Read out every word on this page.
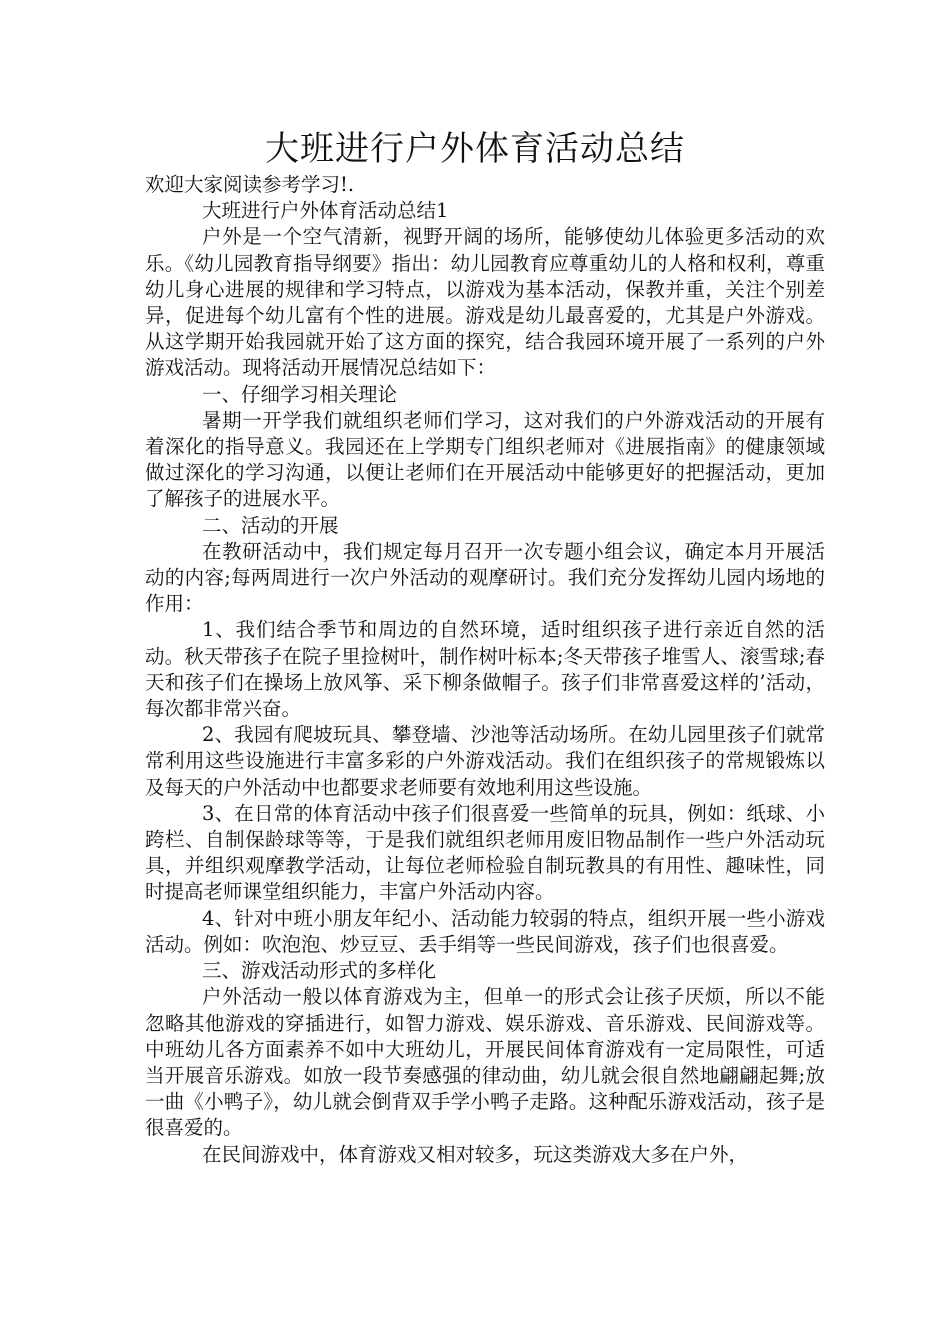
大班进行户外体育活动总结

欢迎大家阅读参考学习!.

大班进行户外体育活动总结1

户外是一个空气清新，视野开阔的场所，能够使幼儿体验更多活动的欢乐。《幼儿园教育指导纲要》指出：幼儿园教育应尊重幼儿的人格和权利，尊重幼儿身心进展的规律和学习特点，以游戏为基本活动，保教并重，关注个别差异，促进每个幼儿富有个性的进展。游戏是幼儿最喜爱的，尤其是户外游戏。从这学期开始我园就开始了这方面的探究，结合我园环境开展了一系列的户外游戏活动。现将活动开展情况总结如下：

一、仔细学习相关理论

暑期一开学我们就组织老师们学习，这对我们的户外游戏活动的开展有着深化的指导意义。我园还在上学期专门组织老师对《进展指南》的健康领域做过深化的学习沟通，以便让老师们在开展活动中能够更好的把握活动，更加了解孩子的进展水平。

二、活动的开展

在教研活动中，我们规定每月召开一次专题小组会议，确定本月开展活动的内容;每两周进行一次户外活动的观摩研讨。我们充分发挥幼儿园内场地的作用：

1、我们结合季节和周边的自然环境，适时组织孩子进行亲近自然的活动。秋天带孩子在院子里捡树叶，制作树叶标本;冬天带孩子堆雪人、滚雪球;春天和孩子们在操场上放风筝、采下柳条做帽子。孩子们非常喜爱这样的’活动，每次都非常兴奋。

2、我园有爬坡玩具、攀登墙、沙池等活动场所。在幼儿园里孩子们就常常利用这些设施进行丰富多彩的户外游戏活动。我们在组织孩子的常规锻炼以及每天的户外活动中也都要求老师要有效地利用这些设施。

3、在日常的体育活动中孩子们很喜爱一些简单的玩具，例如：纸球、小跨栏、自制保龄球等等，于是我们就组织老师用废旧物品制作一些户外活动玩具，并组织观摩教学活动，让每位老师检验自制玩教具的有用性、趣味性，同时提高老师课堂组织能力，丰富户外活动内容。

4、针对中班小朋友年纪小、活动能力较弱的特点，组织开展一些小游戏活动。例如：吹泡泡、炒豆豆、丢手绢等一些民间游戏，孩子们也很喜爱。

三、游戏活动形式的多样化

户外活动一般以体育游戏为主，但单一的形式会让孩子厌烦，所以不能忽略其他游戏的穿插进行，如智力游戏、娱乐游戏、音乐游戏、民间游戏等。中班幼儿各方面素养不如中大班幼儿，开展民间体育游戏有一定局限性，可适当开展音乐游戏。如放一段节奏感强的律动曲，幼儿就会很自然地翩翩起舞;放一曲《小鸭子》，幼儿就会倒背双手学小鸭子走路。这种配乐游戏活动，孩子是很喜爱的。

在民间游戏中，体育游戏又相对较多，玩这类游戏大多在户外，
